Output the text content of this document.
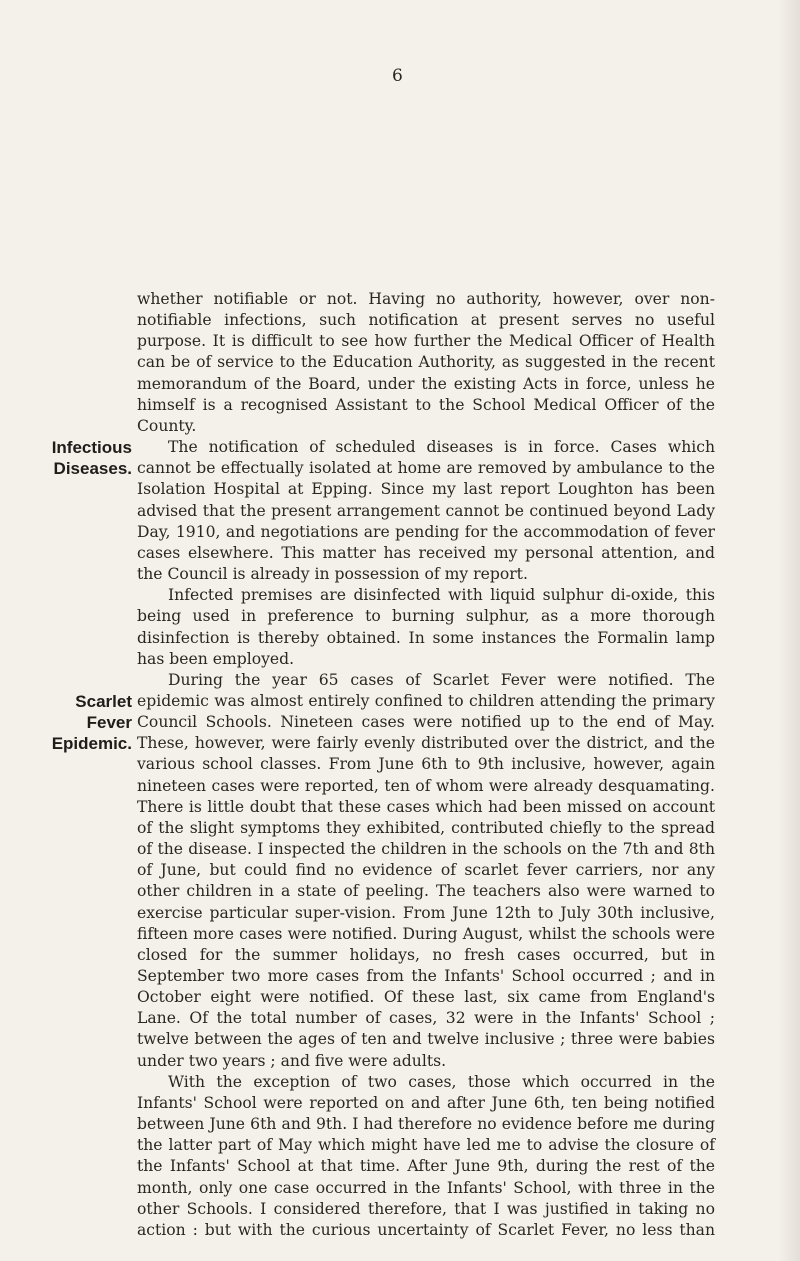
6
Infectious
Diseases.
Scarlet
Fever
Epidemic.

whether notifiable or not. Having no authority, however, over non-notifiable infections, such notification at present serves no useful purpose. It is difficult to see how further the Medical Officer of Health can be of service to the Education Authority, as suggested in the recent memorandum of the Board, under the existing Acts in force, unless he himself is a recognised Assistant to the School Medical Officer of the County.

The notification of scheduled diseases is in force. Cases which cannot be effectually isolated at home are removed by ambulance to the Isolation Hospital at Epping. Since my last report Loughton has been advised that the present arrangement cannot be continued beyond Lady Day, 1910, and negotiations are pending for the accommodation of fever cases elsewhere. This matter has received my personal attention, and the Council is already in possession of my report.

Infected premises are disinfected with liquid sulphur di-oxide, this being used in preference to burning sulphur, as a more thorough disinfection is thereby obtained. In some instances the Formalin lamp has been employed.

During the year 65 cases of Scarlet Fever were notified. The epidemic was almost entirely confined to children attending the primary Council Schools. Nineteen cases were notified up to the end of May. These, however, were fairly evenly distributed over the district, and the various school classes. From June 6th to 9th inclusive, however, again nineteen cases were reported, ten of whom were already desquamating. There is little doubt that these cases which had been missed on account of the slight symptoms they exhibited, contributed chiefly to the spread of the disease. I inspected the children in the schools on the 7th and 8th of June, but could find no evidence of scarlet fever carriers, nor any other children in a state of peeling. The teachers also were warned to exercise particular super-vision. From June 12th to July 30th inclusive, fifteen more cases were notified. During August, whilst the schools were closed for the summer holidays, no fresh cases occurred, but in September two more cases from the Infants' School occurred ; and in October eight were notified. Of these last, six came from England's Lane. Of the total number of cases, 32 were in the Infants' School ; twelve between the ages of ten and twelve inclusive ; three were babies under two years ; and five were adults.

With the exception of two cases, those which occurred in the Infants' School were reported on and after June 6th, ten being notified between June 6th and 9th. I had therefore no evidence before me during the latter part of May which might have led me to advise the closure of the Infants' School at that time. After June 9th, during the rest of the month, only one case occurred in the Infants' School, with three in the other Schools. I considered therefore, that I was justified in taking no action : but with the curious uncertainty of Scarlet Fever, no less than
